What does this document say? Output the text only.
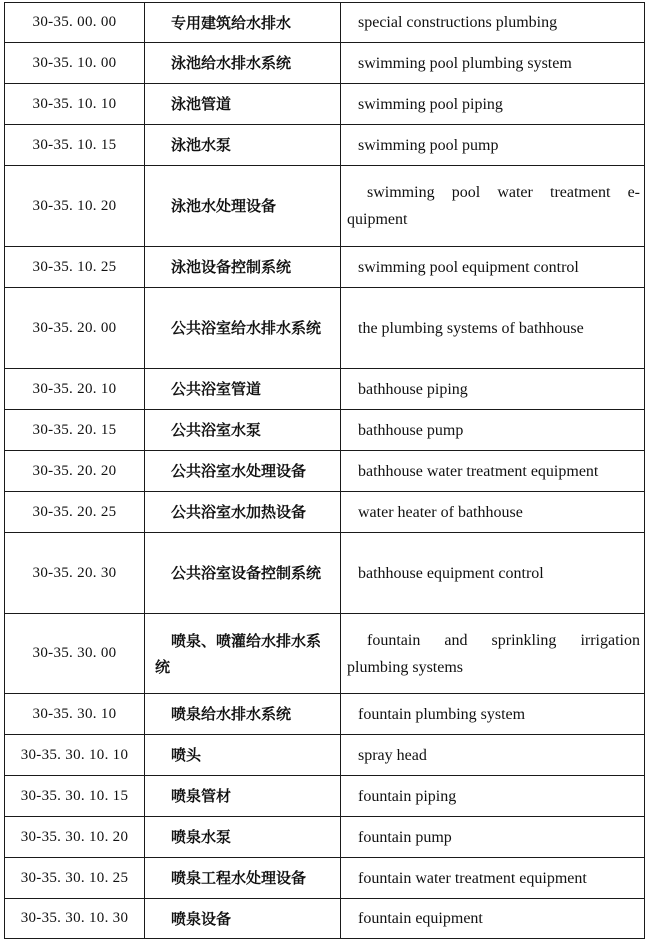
30-35. 00. 00	专用建筑给水排水	special constructions plumbing
30-35. 10. 00	泳池给水排水系统	swimming pool plumbing system
30-35. 10. 10	泳池管道	swimming pool piping
30-35. 10. 15	泳池水泵	swimming pool pump
30-35. 10. 20	泳池水处理设备	swimming pool water treatment e-quipment
30-35. 10. 25	泳池设备控制系统	swimming pool equipment control
30-35. 20. 00	公共浴室给水排水系统	the plumbing systems of bathhouse
30-35. 20. 10	公共浴室管道	bathhouse piping
30-35. 20. 15	公共浴室水泵	bathhouse pump
30-35. 20. 20	公共浴室水处理设备	bathhouse water treatment equipment
30-35. 20. 25	公共浴室水加热设备	water heater of bathhouse
30-35. 20. 30	公共浴室设备控制系统	bathhouse equipment control
30-35. 30. 00	喷泉、喷灌给水排水系统	fountain and sprinkling irrigation plumbing systems
30-35. 30. 10	喷泉给水排水系统	fountain plumbing system
30-35. 30. 10. 10	喷头	spray head
30-35. 30. 10. 15	喷泉管材	fountain piping
30-35. 30. 10. 20	喷泉水泵	fountain pump
30-35. 30. 10. 25	喷泉工程水处理设备	fountain water treatment equipment
30-35. 30. 10. 30	喷泉设备	fountain equipment
